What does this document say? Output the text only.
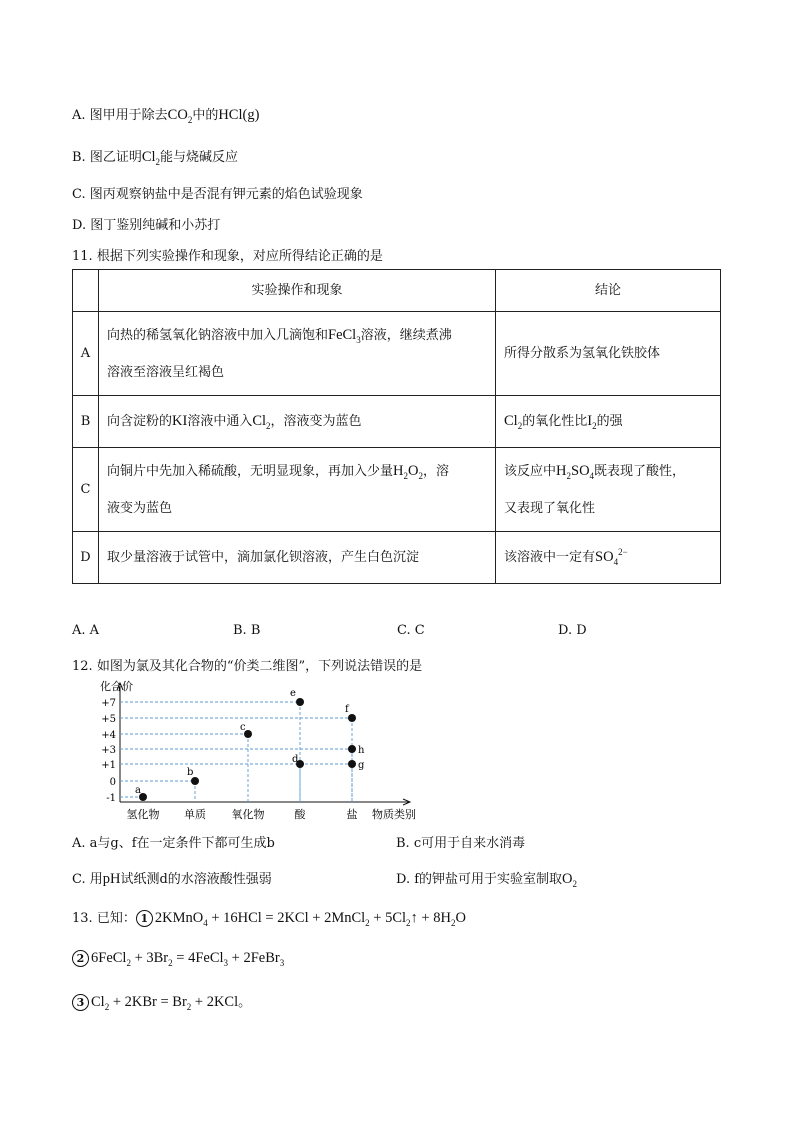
A. 图甲用于除去$CO_2$中的HCl(g)
B. 图乙证明$Cl_2$能与烧碱反应
C. 图丙观察钠盐中是否混有钾元素的焰色试验现象
D. 图丁鉴别纯碱和小苏打
11. 根据下列实验操作和现象，对应所得结论正确的是
	实验操作和现象	结论
A	向热的稀氢氧化钠溶液中加入几滴饱和FeCl$_3$溶液，继续煮沸
溶液至溶液呈红褐色	所得分散系为氢氧化铁胶体
B	向含淀粉的KI溶液中通入$Cl_2$，溶液变为蓝色	$Cl_2$的氧化性比$I_2$的强
C	向铜片中先加入稀硫酸，无明显现象，再加入少量$H_2O_2$，溶
液变为蓝色	该反应中$H_2SO_4$既表现了酸性，
又表现了氧化性
D	取少量溶液于试管中，滴加氯化钡溶液，产生白色沉淀	该溶液中一定有$SO_4^{2-}$
A. A	B. B	C. C	D. D
12. 如图为氯及其化合物的“价类二维图”，下列说法错误的是
化合价
+7
+5
+4
+3
+1
0
-1
氢化物 单质 氧化物	酸	盐 物质类别
a
b
c
d
e
f
h
g
A. a与g、f在一定条件下都可生成b	B. c可用于自来水消毒
C. 用pH试纸测d的水溶液酸性强弱	D. f的钾盐可用于实验室制取$O_2$
13. 已知： 1 2KMnO$_4$ + 16HCl = 2KCl + 2MnCl$_2$ + $5Cl_2↑ + 8H_2O$
2 6FeCl$_2$ + $3Br_2$ = 4FeCl$_3$ + 2FeBr$_3$
3 $Cl_2 + 2KBr = Br_2 + 2KCl$。
